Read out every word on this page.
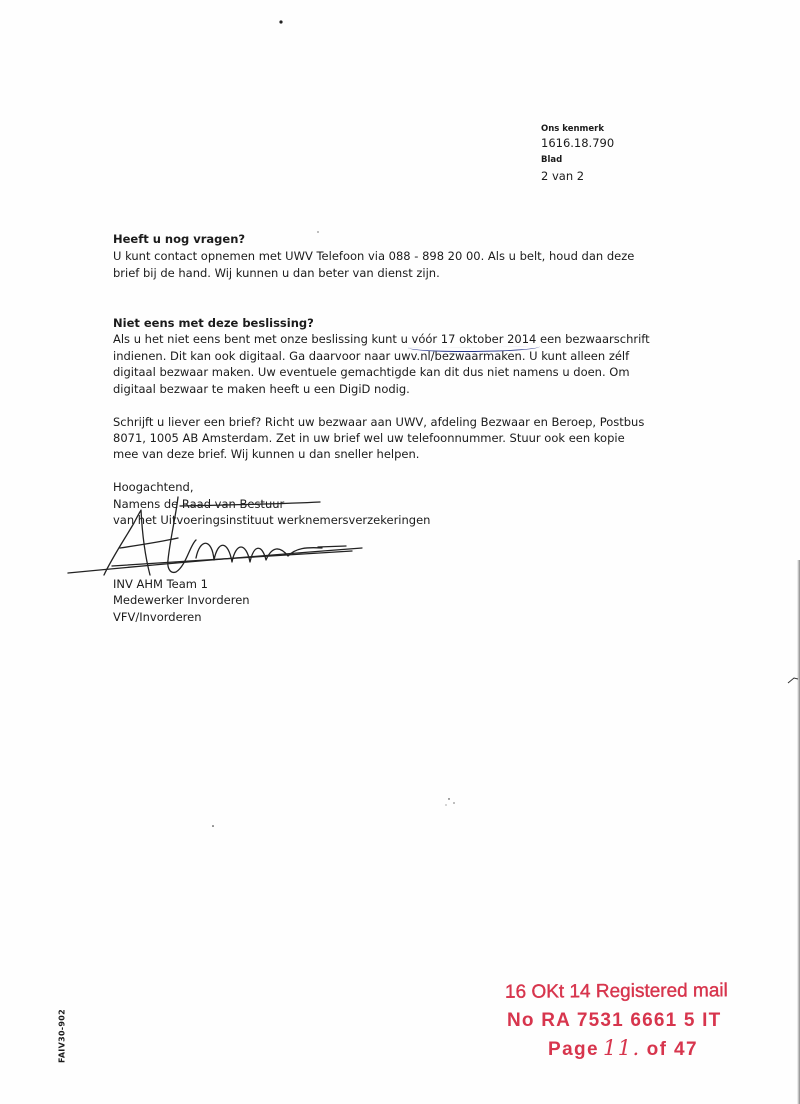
Ons kenmerk
1616.18.790
Blad
2 van 2
Heeft u nog vragen?
U kunt contact opnemen met UWV Telefoon via 088 - 898 20 00. Als u belt, houd dan deze
brief bij de hand. Wij kunnen u dan beter van dienst zijn.
Niet eens met deze beslissing?
Als u het niet eens bent met onze beslissing kunt u vóór 17 oktober 2014
een bezwaarschrift
indienen. Dit kan ook digitaal. Ga daarvoor naar uwv.nl/bezwaarmaken. U kunt alleen zélf
digitaal bezwaar maken. Uw eventuele gemachtigde kan dit dus niet namens u doen. Om
digitaal bezwaar te maken heeft u een DigiD nodig.
Schrijft u liever een brief? Richt uw bezwaar aan UWV, afdeling Bezwaar en Beroep, Postbus
8071, 1005 AB Amsterdam. Zet in uw brief wel uw telefoonnummer. Stuur ook een kopie
mee van deze brief. Wij kunnen u dan sneller helpen.
Hoogachtend,
Namens de Raad van Bestuur
van het Uitvoeringsinstituut werknemersverzekeringen
INV AHM Team 1
Medewerker Invorderen
VFV/Invorderen
FAIV30-902
16 OKt 14 Registered mail
No RA 7531 6661 5 IT
Page 11. of 47
